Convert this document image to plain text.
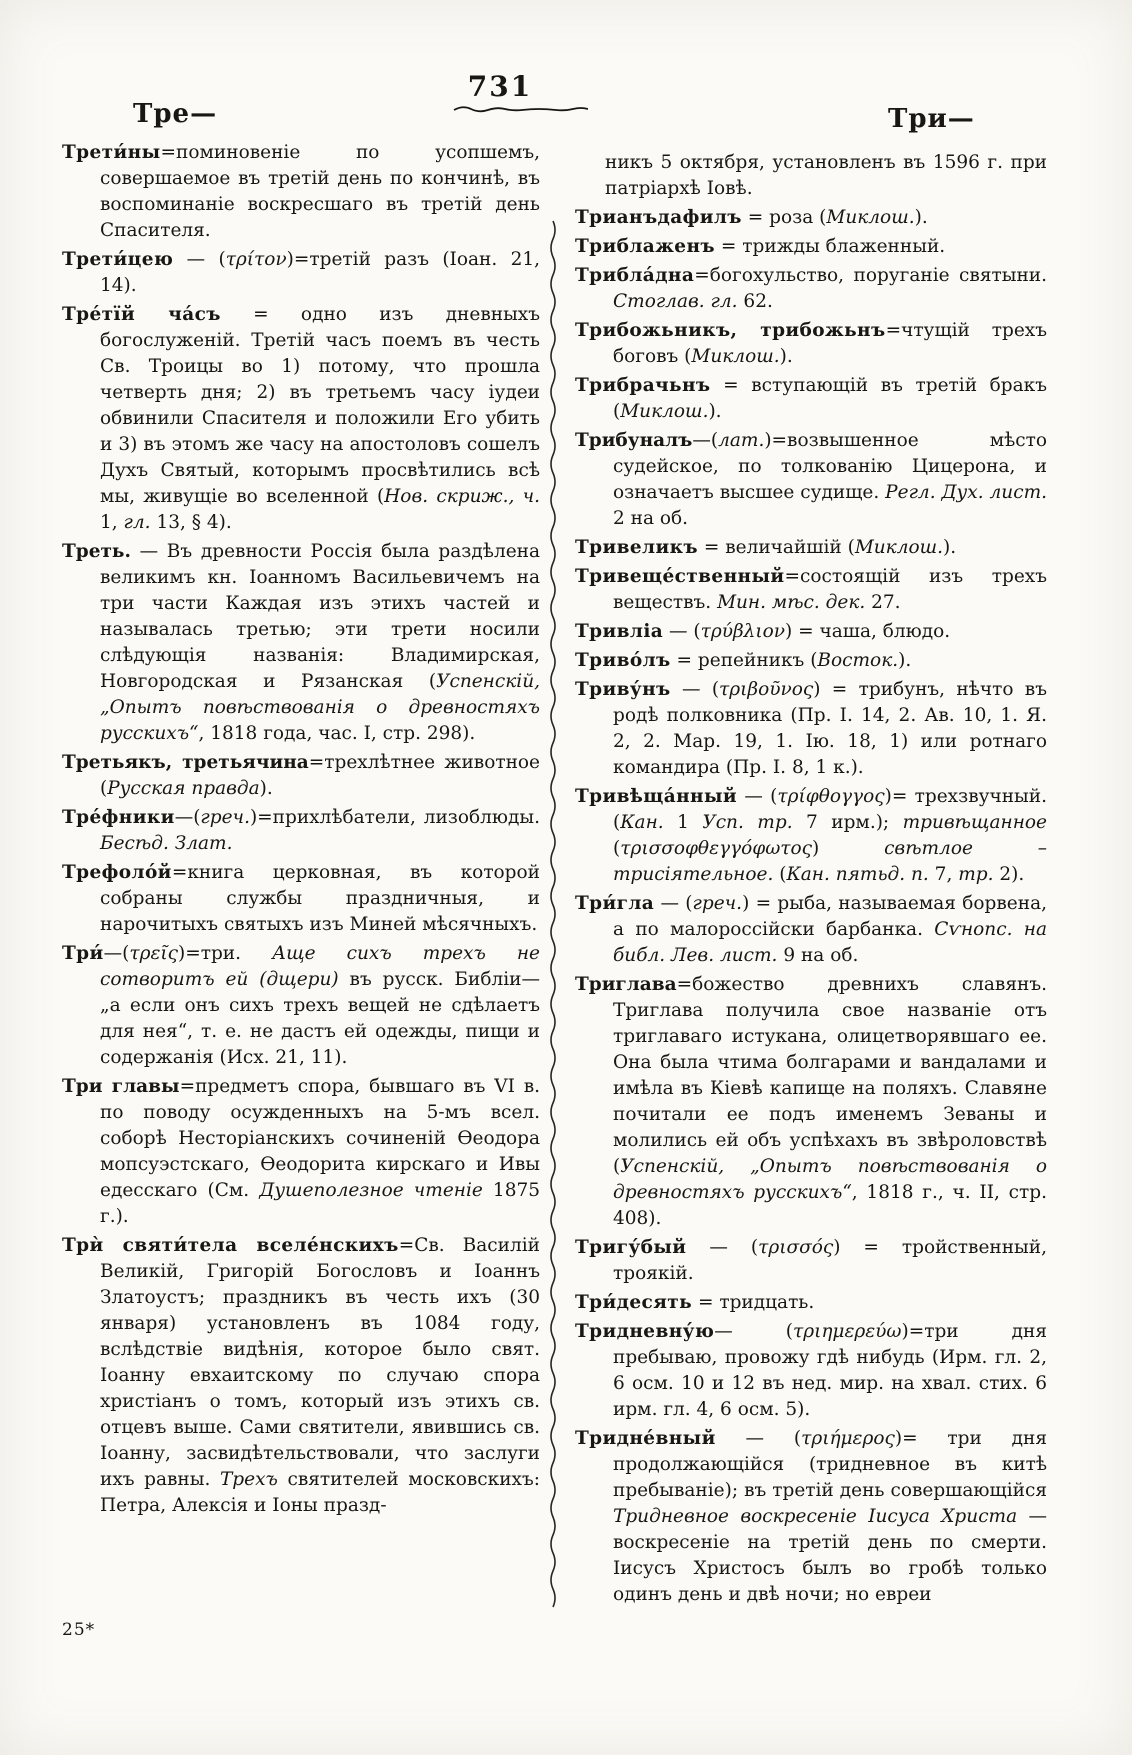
731
Тре—	Три—

Трети́ны=поминовеніе по усопшемъ, совершаемое въ третій день по кончинѣ, въ воспоминаніе воскресшаго въ третій день Спасителя.

Трети́цею — (τρίτον)=третій разъ (Іоан. 21, 14).

Тре́тїй ча́съ = одно изъ дневныхъ богослуженій. Третій часъ поемъ въ честь Св. Троицы во 1) потому, что прошла четверть дня; 2) въ третьемъ часу іудеи обвинили Спасителя и положили Его убить и 3) въ этомъ же часу на апостоловъ сошелъ Духъ Святый, которымъ просвѣтились всѣ мы, живущіе во вселенной (Нов. скриж., ч. 1, гл. 13, § 4).

Треть. — Въ древности Россія была раздѣлена великимъ кн. Іоанномъ Васильевичемъ на три части Каждая изъ этихъ частей и называлась третью; эти трети носили слѣдующія названія: Владимирская, Новгородская и Рязанская (Успенскій, „Опытъ повѣствованія о древностяхъ русскихъ“, 1818 года, час. I, стр. 298).

Третьякъ, третьячина=трехлѣтнее животное (Русская правда).

Тре́фники—(греч.)=прихлѣбатели, лизоблюды. Бесѣд. Злат.

Трефоло́й=книга церковная, въ которой собраны службы праздничныя, и нарочитыхъ святыхъ изъ Миней мѣсячныхъ.

Три́—(τρεῖς)=три. Аще сихъ трехъ не сотворитъ ей (дщери) въ русск. Библіи— „а если онъ сихъ трехъ вещей не сдѣлаетъ для нея“, т. е. не дастъ ей одежды, пищи и содержанія (Исх. 21, 11).

Три главы=предметъ спора, бывшаго въ VI в. по поводу осужденныхъ на 5-мъ всел. соборѣ Несторіанскихъ сочиненій Ѳеодора мопсуэстскаго, Ѳеодорита кирскаго и Ивы едесскаго (См. Душеполезное чтеніе 1875 г.).

Трѝ святи́тела вселе́нскихъ=Св. Василій Великій, Григорій Богословъ и Іоаннъ Златоустъ; праздникъ въ честь ихъ (30 января) установленъ въ 1084 году, вслѣдствіе видѣнія, которое было свят. Іоанну евхаитскому по случаю спора христіанъ о томъ, который изъ этихъ св. отцевъ выше. Сами святители, явившись св. Іоанну, засвидѣтельствовали, что заслуги ихъ равны. Трехъ святителей московскихъ: Петра, Алексія и Іоны празд-

никъ 5 октября, установленъ въ 1596 г. при патріархѣ Іовѣ.

Трианъдафилъ = роза (Миклош.).

Триблаженъ = трижды блаженный.

Трибла́дна=богохульство, поруганіе святыни. Стоглав. гл. 62.

Трибожьникъ, трибожьнъ=чтущій трехъ боговъ (Миклош.).

Трибрачьнъ = вступающій въ третій бракъ (Миклош.).

Трибуналъ—(лат.)=возвышенное мѣсто судейское, по толкованію Цицерона, и означаетъ высшее судище. Регл. Дух. лист. 2 на об.

Тривеликъ = величайшій (Миклош.).

Тривеще́ственный=состоящій изъ трехъ веществъ. Мин. мѣс. дек. 27.

Тривліа — (τρύβλιον) = чаша, блюдо.

Триво́лъ = репейникъ (Восток.).

Триву́нъ — (τριβοῦνος) = трибунъ, нѣчто въ родѣ полковника (Пр. І. 14, 2. Ав. 10, 1. Я. 2, 2. Мар. 19, 1. Ію. 18, 1) или ротнаго командира (Пр. І. 8, 1 к.).

Тривѣща́нный — (τρίφθογγος)= трехзвучный. (Кан. 1 Усп. тр. 7 ирм.); тривѣщанное (τρισσοφθεγγόφωτος) свѣтлое – трисіятельное. (Кан. пятьд. п. 7, тр. 2).

Три́гла — (греч.) = рыба, называемая борвена, а по малороссійски барбанка. Сѵнопс. на библ. Лев. лист. 9 на об.

Триглава=божество древнихъ славянъ. Триглава получила свое названіе отъ триглаваго истукана, олицетворявшаго ее. Она была чтима болгарами и вандалами и имѣла въ Кіевѣ капище на поляхъ. Славяне почитали ее подъ именемъ Зеваны и молились ей объ успѣхахъ въ звѣроловствѣ (Успенскій, „Опытъ повѣствованія о древностяхъ русскихъ“, 1818 г., ч. II, стр. 408).

Тригу́бый — (τρισσός) = тройственный, троякій.

Три́десять = тридцать.

Тридневну́ю— (τριημερεύω)=три дня пребываю, провожу гдѣ нибудь (Ирм. гл. 2, 6 осм. 10 и 12 въ нед. мир. на хвал. стих. 6 ирм. гл. 4, 6 осм. 5).

Тридне́вный — (τριήμερος)= три дня продолжающійся (тридневное въ китѣ пребываніе); въ третій день совершающійся Тридневное воскресеніе Іисуса Христа — воскресеніе на третій день по смерти. Іисусъ Христосъ былъ во гробѣ только одинъ день и двѣ ночи; но евреи

25*
